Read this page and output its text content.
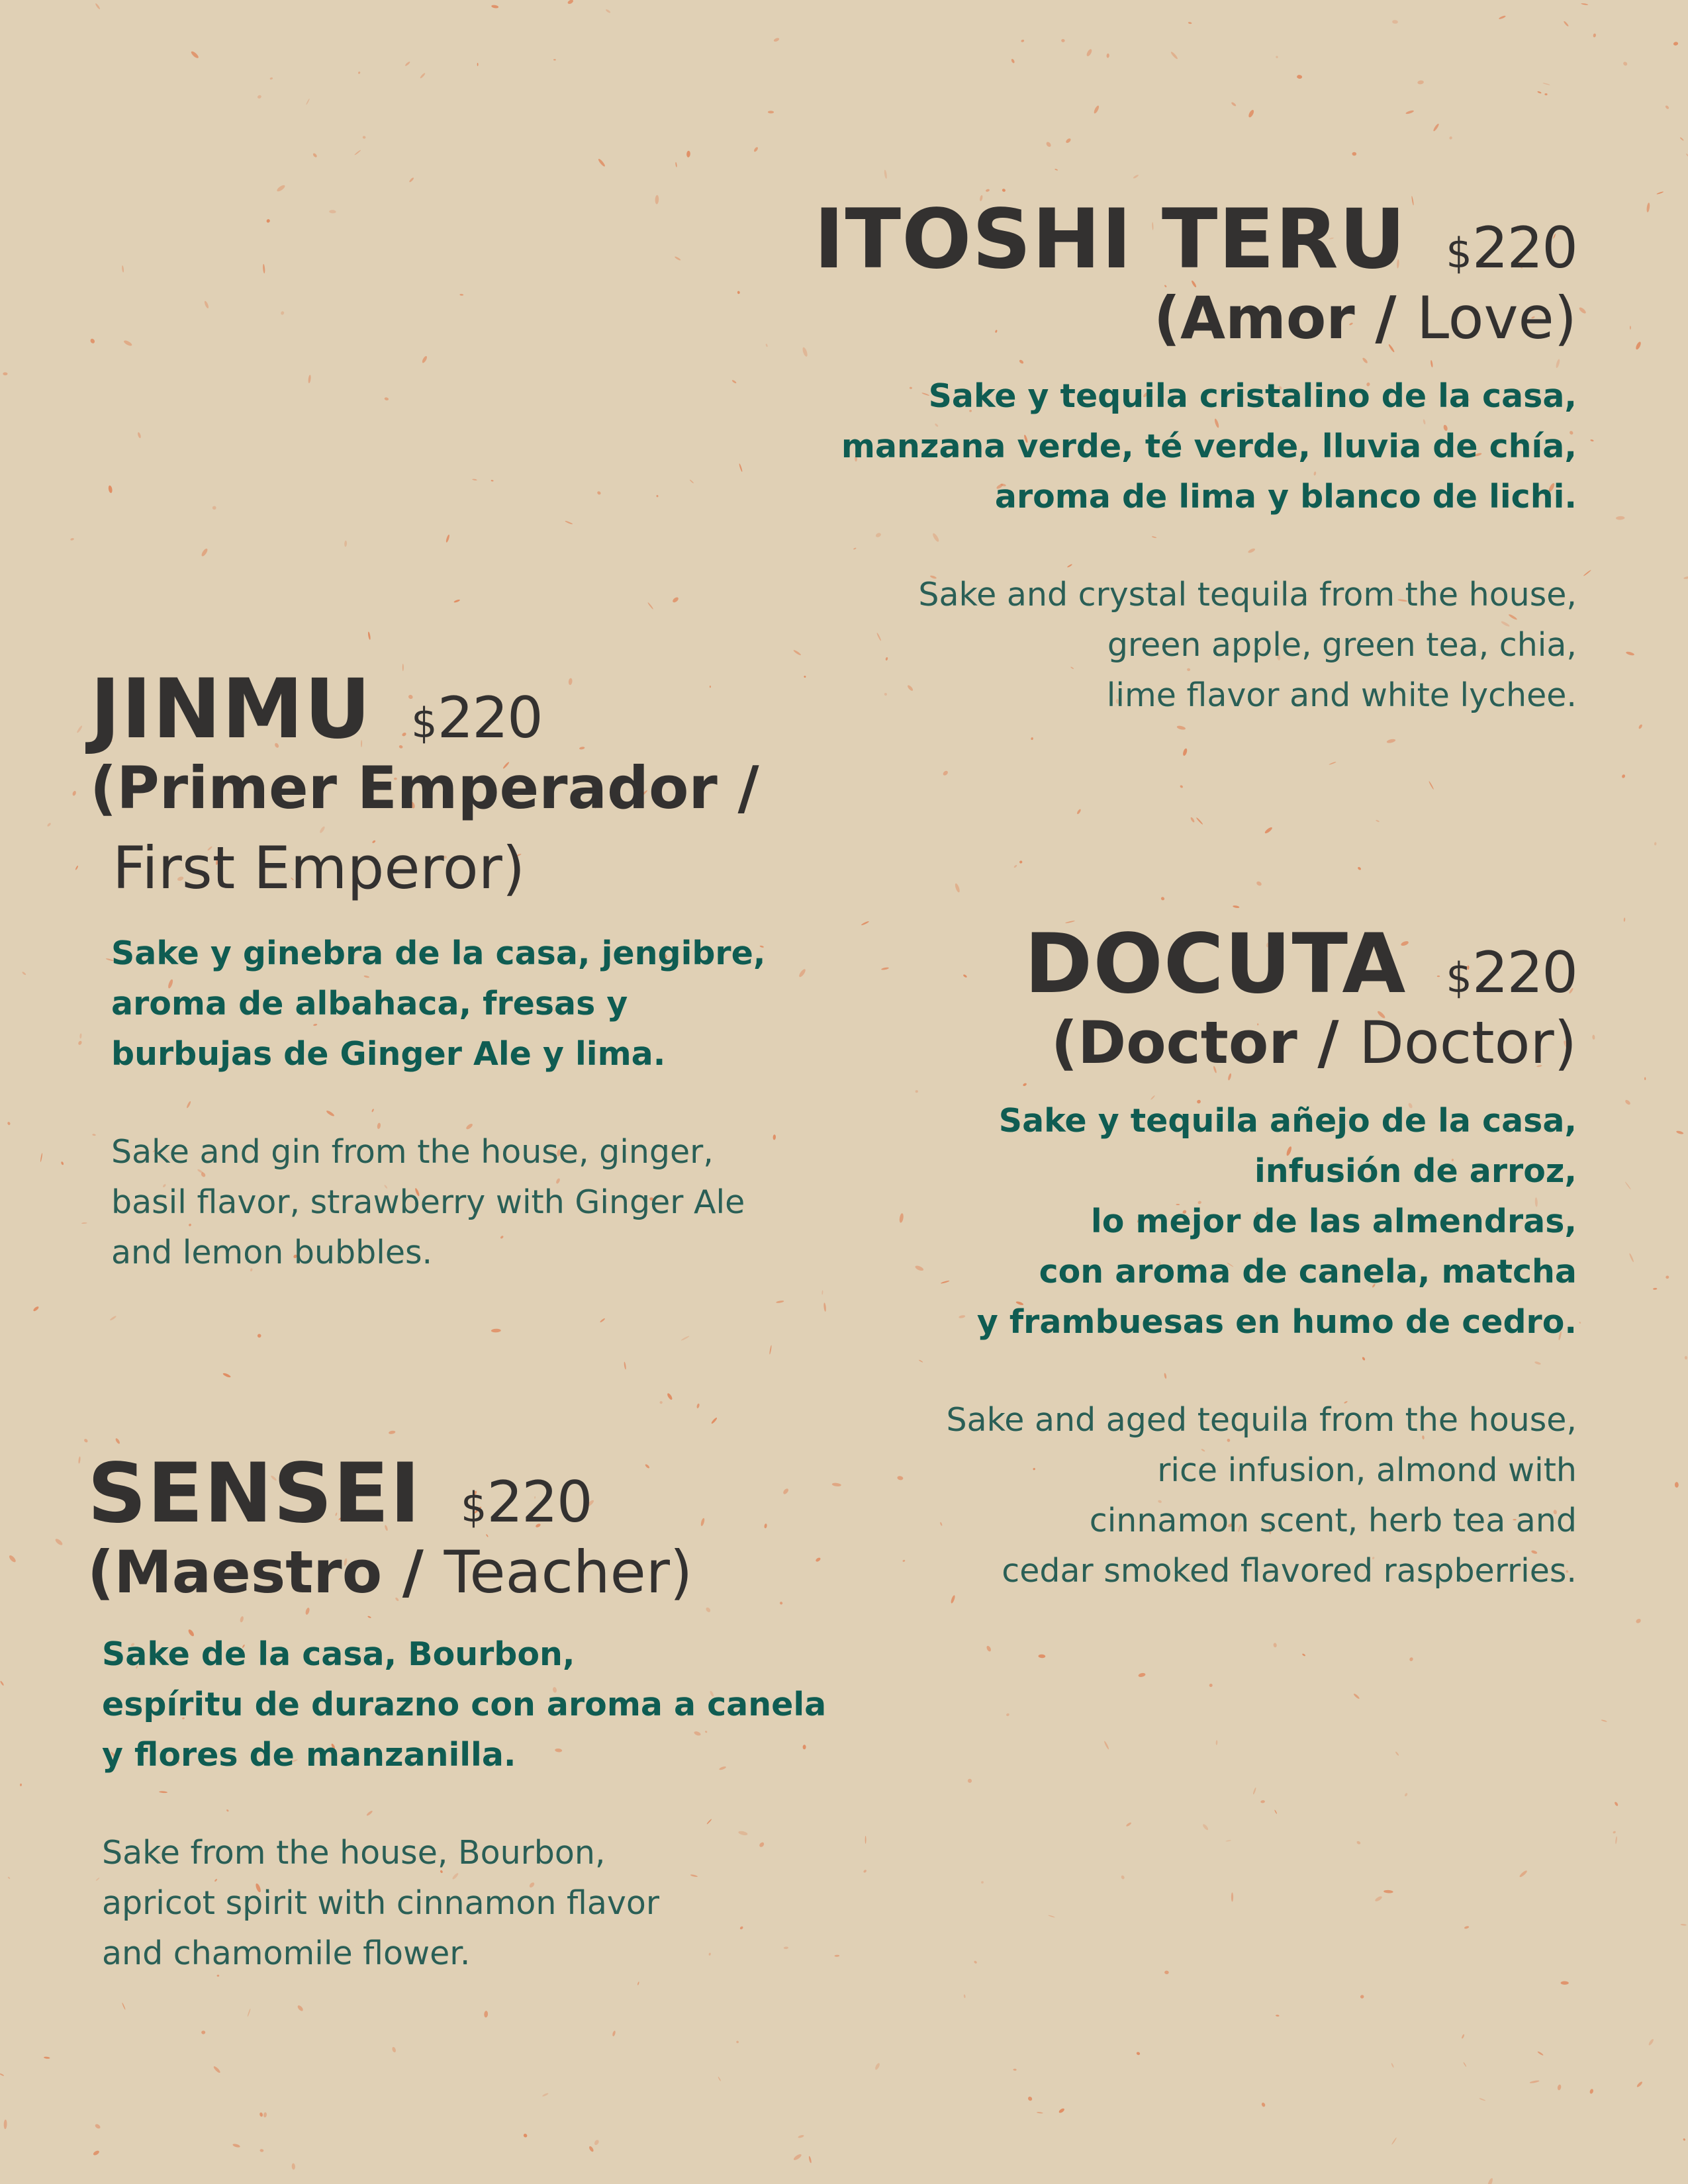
ITOSHI TERU $220
(Amor / Love)
Sake y tequila cristalino de la casa,
manzana verde, té verde, lluvia de chía,
aroma de lima y blanco de lichi.
Sake and crystal tequila from the house,
green apple, green tea, chia,
lime flavor and white lychee.
JINMU $220
(Primer Emperador /
First Emperor)
Sake y ginebra de la casa, jengibre,
aroma de albahaca, fresas y
burbujas de Ginger Ale y lima.
Sake and gin from the house, ginger,
basil flavor, strawberry with Ginger Ale
and lemon bubbles.
DOCUTA $220
(Doctor / Doctor)
Sake y tequila añejo de la casa,
infusión de arroz,
lo mejor de las almendras,
con aroma de canela, matcha
y frambuesas en humo de cedro.
Sake and aged tequila from the house,
rice infusion, almond with
cinnamon scent, herb tea and
cedar smoked flavored raspberries.
SENSEI $220
(Maestro / Teacher)
Sake de la casa, Bourbon,
espíritu de durazno con aroma a canela
y flores de manzanilla.
Sake from the house, Bourbon,
apricot spirit with cinnamon flavor
and chamomile flower.
